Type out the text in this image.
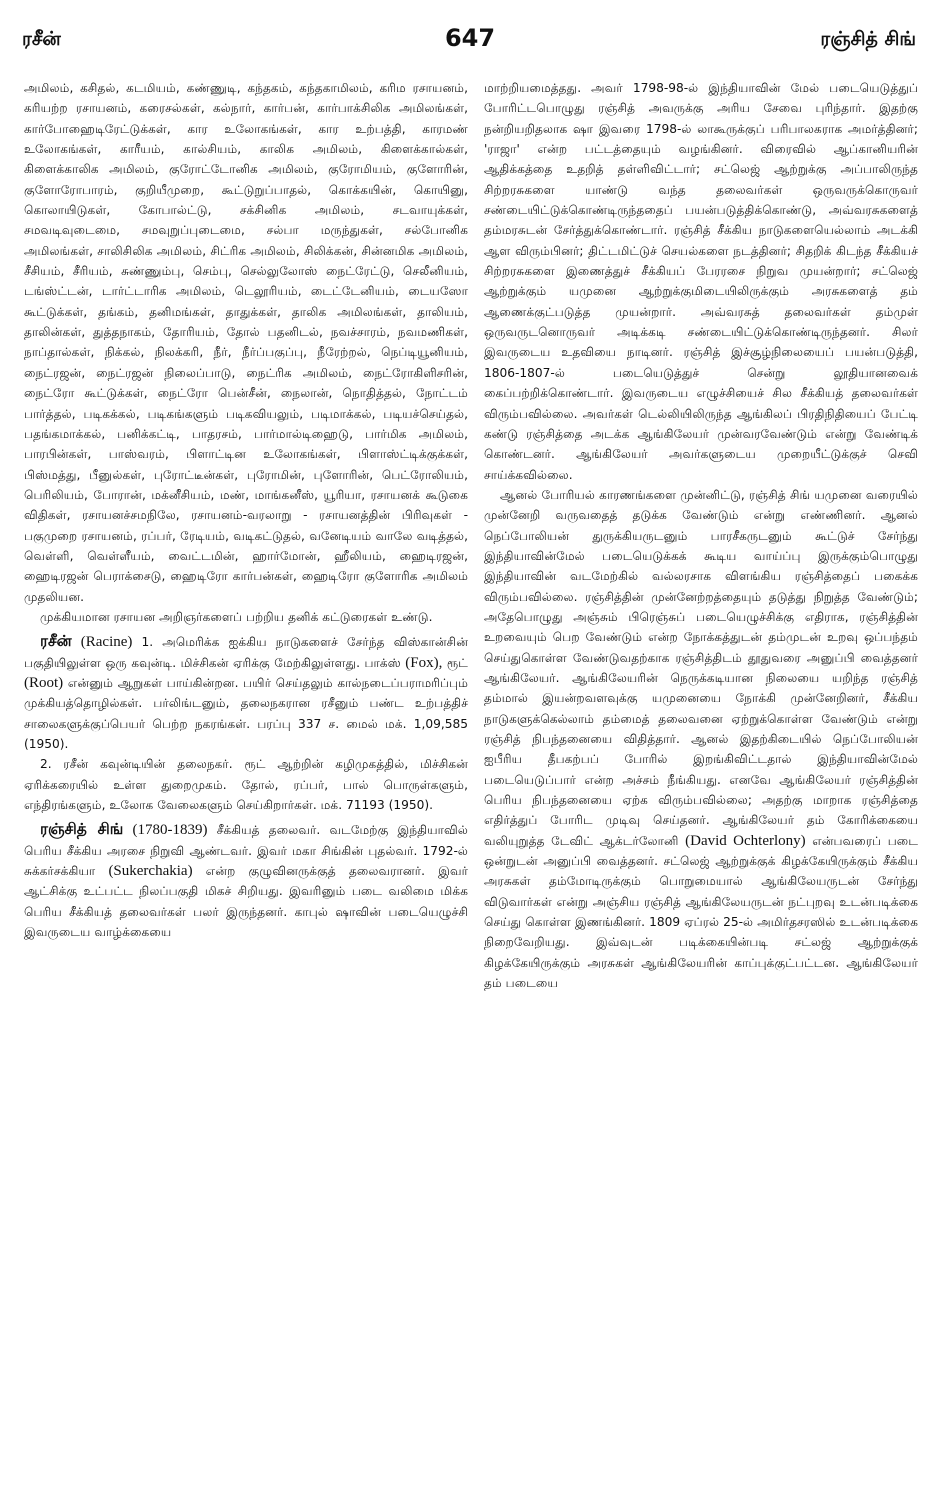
ரசீன்	647	ரஞ்சித் சிங்

அமிலம், கசிதல், கடமியம், கண்ணுடி, கந்தகம், கந்தகாமிலம், கரிம ரசாயனம், கரியற்ற ரசாயனம், கரைசல்கள், கல்நார், கார்பன், கார்பாக்சிலிக அமிலங்கள், கார்போஹைடிரேட்டுக்கள், கார உலோகங்கள், கார உற்பத்தி, காரமண் உலோகங்கள், காரீயம், கால்சியம், காலிக அமிலம், கிளைக்கால்கள், கிளைக்காலிக அமிலம், குரோட்டோனிக அமிலம், குரோமியம், குளோரின், குளோரோபாரம், குறியீமுறை, கூட்டுறுப்பாதல், கொக்கயின், கொயினு, கொலாயிடுகள், கோபால்ட்டு, சக்சினிக அமிலம், சடவாயுக்கள், சமவடிவுடைமை, சமவுறுப்புடைமை, சல்பா மருந்துகள், சல்போனிக அமிலங்கள், சாலிசிலிக அமிலம், சிட்ரிக அமிலம், சிலிக்கன், சின்னமிக அமிலம், சீசியம், சீரியம், சுண்ணும்பு, செம்பு, செல்லுலோஸ் நைட்ரேட்டு, செலீனியம், டங்ஸ்ட்டன், டார்ட்டாரிக அமிலம், டெலூரியம், டைட்டேனியம், டையஸோ கூட்டுக்கள், தங்கம், தனிமங்கள், தாதுக்கள், தாலிக அமிலங்கள், தாலியம், தாலின்கள், துத்தநாகம், தோரியம், தோல் பதனிடல், நவச்சாரம், நவமணிகள், நாப்தால்கள், நிக்கல், நிலக்கரி, நீர், நீர்ப்பகுப்பு, நீரேற்றல், நெப்டியூனியம், நைட்ரஜன், நைட்ரஜன் நிலைப்பாடு, நைட்ரிக அமிலம், நைட்ரோகிளிசரின், நைட்ரோ கூட்டுக்கள், நைட்ரோ பென்சீன், நைலான், நொதித்தல், நோட்டம் பார்த்தல், படிகக்கல், படிகங்களும் படிகவியலும், படிமாக்கல், படியச்செய்தல், பதங்கமாக்கல், பனிக்கட்டி, பாதரசம், பார்மால்டிஹைடு, பார்மிக அமிலம், பாரபின்கள், பாஸ்வரம், பிளாட்டின உலோகங்கள், பிளாஸ்ட்டிக்குக்கள், பிஸ்மத்து, பீனுல்கள், புரோட்டீன்கள், புரோமின், புளோரின், பெட்ரோலியம், பெரிலியம், போரான், மக்னீசியம், மண், மாங்கனீஸ், யூரியா, ரசாயனக் கூடுகை விதிகள், ரசாயனச்சமநிலே, ரசாயனம்-வரலாறு - ரசாயனத்தின் பிரிவுகள் - பகுமுறை ரசாயனம், ரப்பர், ரேடியம், வடிகட்டுதல், வனேடியம் வாலே வடித்தல், வெள்ளி, வெள்ளீயம், வைட்டமின், ஹார்மோன், ஹீலியம், ஹைடிரஜன், ஹைடிரஜன் பெராக்சைடு, ஹைடிரோ கார்பன்கள், ஹைடிரோ குளோரிக அமிலம் முதலியன.

முக்கியமான ரசாயன அறிஞர்களைப் பற்றிய தனிக் கட்டுரைகள் உண்டு.

ரசீன் (Racine) 1. அமெரிக்க ஐக்கிய நாடுகளைச் சேர்ந்த விஸ்கான்சின் பகுதியிலுள்ள ஒரு கவுன்டி. மிச்சிகன் ஏரிக்கு மேற்கிலுள்ளது. பாக்ஸ் (Fox), ரூட் (Root) என்னும் ஆறுகள் பாய்கின்றன. பயிர் செய்தலும் கால்நடைப்பராமரிப்பும் முக்கியத்தொழில்கள். பர்லிங்டனும், தலைநகரான ரசீனும் பண்ட உற்பத்திச் சாலைகளுக்குப்பெயர் பெற்ற நகரங்கள். பரப்பு 337 ச. மைல் மக். 1,09,585 (1950).

2. ரசீன் கவுன்டியின் தலைநகர். ரூட் ஆற்றின் கழிமுகத்தில், மிச்சிகன் ஏரிக்கரையில் உள்ள துறைமுகம். தோல், ரப்பர், பால் பொருள்களும், எந்திரங்களும், உலோக வேலைகளும் செய்கிறார்கள். மக். 71193 (1950).

ரஞ்சித் சிங் (1780-1839) சீக்கியத் தலைவர். வடமேற்கு இந்தியாவில் பெரிய சீக்கிய அரசை நிறுவி ஆண்டவர். இவர் மகா சிங்கின் புதல்வர். 1792-ல் சுக்கர்சக்கியா (Sukerchakia) என்ற குழுவினருக்குத் தலைவரானர். இவர் ஆட்சிக்கு உட்பட்ட நிலப்பகுதி மிகச் சிறியது. இவரினும் படை வலிமை மிக்க பெரிய சீக்கியத் தலைவர்கள் பலர் இருந்தனர். காபுல் ஷாவின் படையெழுச்சி இவருடைய வாழ்க்கையை

மாற்றியமைத்தது. அவர் 1798-98-ல் இந்தியாவின் மேல் படையெடுத்துப் போரிட்டபொழுது ரஞ்சித் அவருக்கு அரிய சேவை புரிந்தார். இதற்கு நன்றியறிதலாக ஷா இவரை 1798-ல் லாகூருக்குப் பரிபாலகராக அமர்த்தினர்; 'ராஜா' என்ற பட்டத்தையும் வழங்கினர். விரைவில் ஆப்கானியரின் ஆதிக்கத்தை உதறித் தள்ளிவிட்டார்; சட்லெஜ் ஆற்றுக்கு அப்பாலிருந்த சிற்றரசுகளை யாண்டு வந்த தலைவர்கள் ஒருவருக்கொருவர் சண்டையிட்டுக்கொண்டிருந்ததைப் பயன்படுத்திக்கொண்டு, அவ்வரசுகளைத் தம்மரசுடன் சேர்த்துக்கொண்டார். ரஞ்சித் சீக்கிய நாடுகளையெல்லாம் அடக்கி ஆள விரும்பினர்; திட்டமிட்டுச் செயல்களை நடத்தினர்; சிதறிக் கிடந்த சீக்கியச் சிற்றரசுகளை இணைத்துச் சீக்கியப் பேரரசை நிறுவ முயன்றார்; சட்லெஜ் ஆற்றுக்கும் யமுனை ஆற்றுக்குமிடையிலிருக்கும் அரசுகளைத் தம் ஆணைக்குட்படுத்த முயன்றார். அவ்வரசுத் தலைவர்கள் தம்முள் ஒருவருடனொருவர் அடிக்கடி சண்டையிட்டுக்கொண்டிருந்தனர். சிலர் இவருடைய உதவியை நாடினர். ரஞ்சித் இச்சூழ்நிலையைப் பயன்படுத்தி, 1806-1807-ல் படையெடுத்துச் சென்று லூதியானவைக் கைப்பற்றிக்கொண்டார். இவருடைய எழுச்சியைச் சில சீக்கியத் தலைவர்கள் விரும்பவில்லை. அவர்கள் டெல்லியிலிருந்த ஆங்கிலப் பிரதிநிதியைப் பேட்டி கண்டு ரஞ்சித்தை அடக்க ஆங்கிலேயர் முன்வரவேண்டும் என்று வேண்டிக் கொண்டனர். ஆங்கிலேயர் அவர்களுடைய முறையீட்டுக்குச் செவி சாய்க்கவில்லை.

ஆனல் போரியல் காரணங்களை முன்னிட்டு, ரஞ்சித் சிங் யமுனை வரையில் முன்னேறி வருவதைத் தடுக்க வேண்டும் என்று எண்ணினர். ஆனல் நெப்போலியன் துருக்கியருடனும் பாரசீகருடனும் கூட்டுச் சேர்ந்து இந்தியாவின்மேல் படையெடுக்கக் கூடிய வாய்ப்பு இருக்கும்பொழுது இந்தியாவின் வடமேற்கில் வல்லரசாக விளங்கிய ரஞ்சித்தைப் பகைக்க விரும்பவில்லை. ரஞ்சித்தின் முன்னேற்றத்தையும் தடுத்து நிறுத்த வேண்டும்; அதேபொழுது அஞ்சும் பிரெஞ்சுப் படையெழுச்சிக்கு எதிராக, ரஞ்சித்தின் உறவையும் பெற வேண்டும் என்ற நோக்கத்துடன் தம்முடன் உறவு ஒப்பந்தம் செய்துகொள்ள வேண்டுவதற்காக ரஞ்சித்திடம் தூதுவரை அனுப்பி வைத்தனர் ஆங்கிலேயர். ஆங்கிலேயரின் நெருக்கடியான நிலையை யறிந்த ரஞ்சித் தம்மால் இயன்றவளவுக்கு யமுனையை நோக்கி முன்னேறினர், சீக்கிய நாடுகளுக்கெல்லாம் தம்மைத் தலைவனை ஏற்றுக்கொள்ள வேண்டும் என்று ரஞ்சித் நிபந்தனையை விதித்தார். ஆனல் இதற்கிடையில் நெப்போலியன் ஐபீரிய தீபகற்பப் போரில் இறங்கிவிட்டதால் இந்தியாவின்மேல் படையெடுப்பார் என்ற அச்சம் நீங்கியது. எனவே ஆங்கிலேயர் ரஞ்சித்தின் பெரிய நிபந்தனையை ஏற்க விரும்பவில்லை; அதற்கு மாறாக ரஞ்சித்தை எதிர்த்துப் போரிட முடிவு செய்தனர். ஆங்கிலேயர் தம் கோரிக்கையை வலியுறுத்த டேவிட் ஆக்டர்லோனி (David Ochterlony) என்பவரைப் படை ஒன்றுடன் அனுப்பி வைத்தனர். சட்லெஜ் ஆற்றுக்குக் கிழக்கேயிருக்கும் சீக்கிய அரசுகள் தம்மோடிருக்கும் பொறுமையால் ஆங்கிலேயருடன் சேர்ந்து விடுவார்கள் என்று அஞ்சிய ரஞ்சித் ஆங்கிலேயருடன் நட்புறவு உடன்படிக்கை செய்து கொள்ள இணங்கினர். 1809 ஏப்ரல் 25-ல் அமிர்தசரஸில் உடன்படிக்கை நிறைவேறியது. இவ்வுடன் படிக்கையின்படி சட்லஜ் ஆற்றுக்குக் கிழக்கேயிருக்கும் அரசுகள் ஆங்கிலேயரின் காப்புக்குட்பட்டன. ஆங்கிலேயர் தம் படையை
